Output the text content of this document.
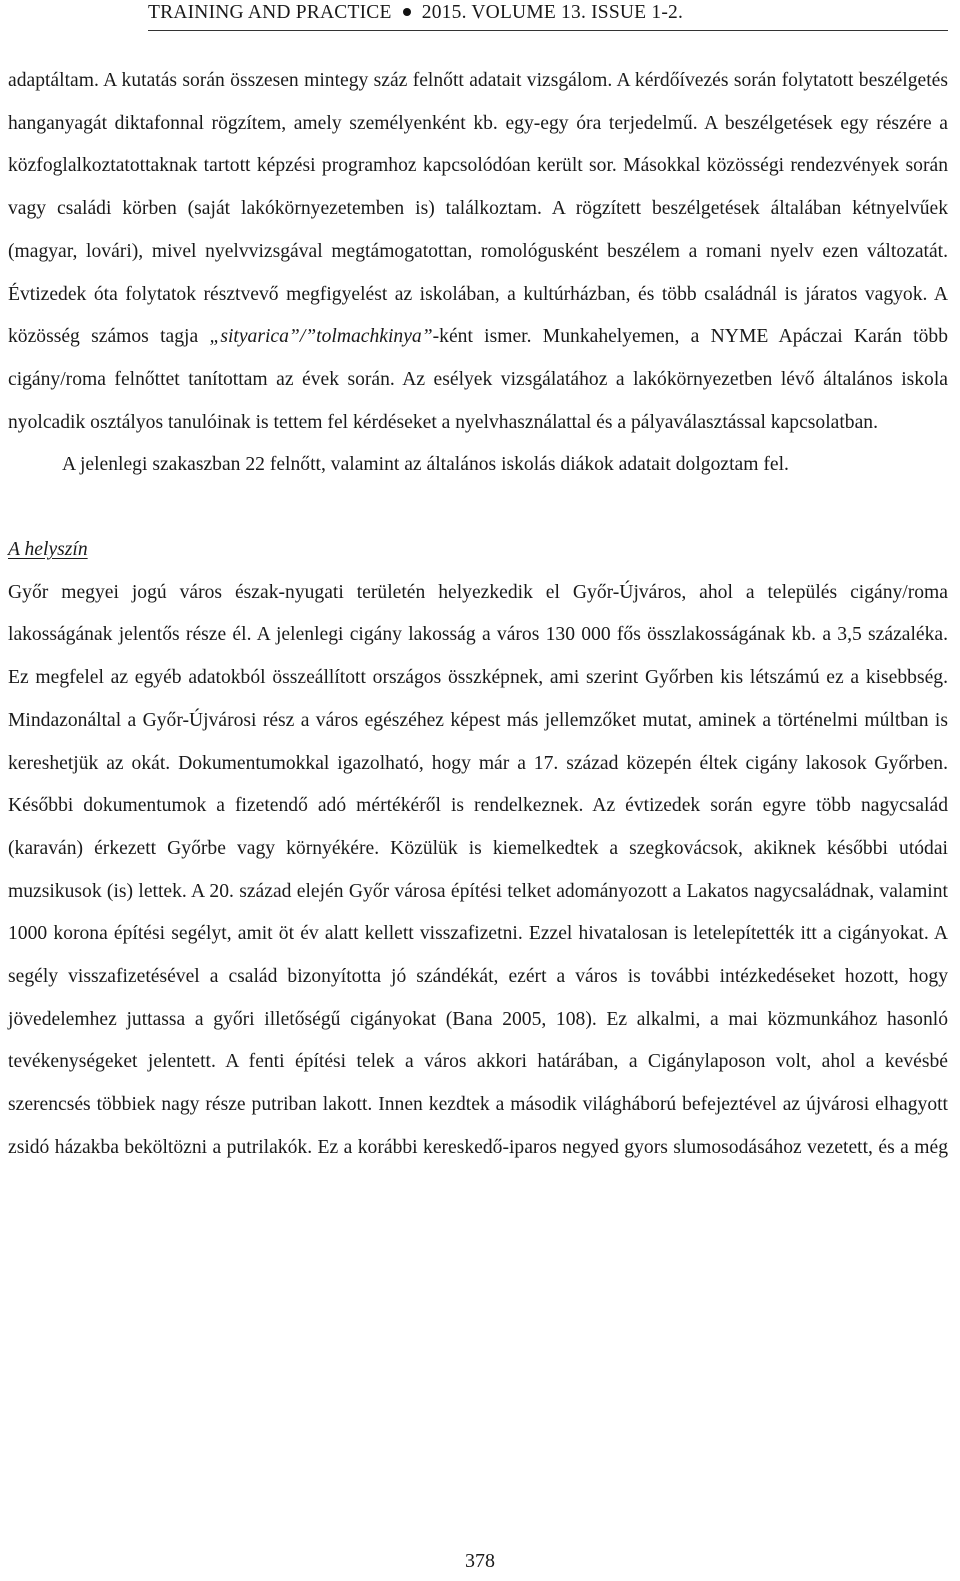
TRAINING AND PRACTICE 2015. VOLUME 13. ISSUE 1-2.

adaptáltam. A kutatás során összesen mintegy száz felnőtt adatait vizsgálom. A kérdőívezés során folytatott beszélgetés hanganyagát diktafonnal rögzítem, amely személyenként kb. egy-egy óra terjedelmű. A beszélgetések egy részére a közfoglalkoztatottaknak tartott képzési programhoz kapcsolódóan került sor. Másokkal közösségi rendezvények során vagy családi körben (saját lakókörnyezetemben is) találkoztam. A rögzített beszélgetések általában kétnyelvűek (magyar, lovári), mivel nyelvvizsgával megtámogatottan, romológusként beszélem a romani nyelv ezen változatát. Évtizedek óta folytatok résztvevő megfigyelést az iskolában, a kultúrházban, és több családnál is járatos vagyok. A közösség számos tagja „sityarica”/”tolmachkinya”-ként ismer. Munkahelyemen, a NYME Apáczai Karán több cigány/roma felnőttet tanítottam az évek során. Az esélyek vizsgálatához a lakókörnyezetben lévő általános iskola nyolcadik osztályos tanulóinak is tettem fel kérdéseket a nyelvhasználattal és a pályaválasztással kapcsolatban.

A jelenlegi szakaszban 22 felnőtt, valamint az általános iskolás diákok adatait dolgoztam fel.

A helyszín

Győr megyei jogú város észak-nyugati területén helyezkedik el Győr-Újváros, ahol a település cigány/roma lakosságának jelentős része él. A jelenlegi cigány lakosság a város 130 000 fős összlakosságának kb. a 3,5 százaléka. Ez megfelel az egyéb adatokból összeállított országos összképnek, ami szerint Győrben kis létszámú ez a kisebbség. Mindazonáltal a Győr-Újvárosi rész a város egészéhez képest más jellemzőket mutat, aminek a történelmi múltban is kereshetjük az okát. Dokumentumokkal igazolható, hogy már a 17. század közepén éltek cigány lakosok Győrben. Későbbi dokumentumok a fizetendő adó mértékéről is rendelkeznek. Az évtizedek során egyre több nagycsalád (karaván) érkezett Győrbe vagy környékére. Közülük is kiemelkedtek a szegkovácsok, akiknek későbbi utódai muzsikusok (is) lettek. A 20. század elején Győr városa építési telket adományozott a Lakatos nagycsaládnak, valamint 1000 korona építési segélyt, amit öt év alatt kellett visszafizetni. Ezzel hivatalosan is letelepítették itt a cigányokat. A segély visszafizetésével a család bizonyította jó szándékát, ezért a város is további intézkedéseket hozott, hogy jövedelemhez juttassa a győri illetőségű cigányokat (Bana 2005, 108). Ez alkalmi, a mai közmunkához hasonló tevékenységeket jelentett. A fenti építési telek a város akkori határában, a Cigánylaposon volt, ahol a kevésbé szerencsés többiek nagy része putriban lakott. Innen kezdtek a második világháború befejeztével az újvárosi elhagyott zsidó házakba beköltözni a putrilakók. Ez a korábbi kereskedő-iparos negyed gyors slumosodásához vezetett, és a még

378
